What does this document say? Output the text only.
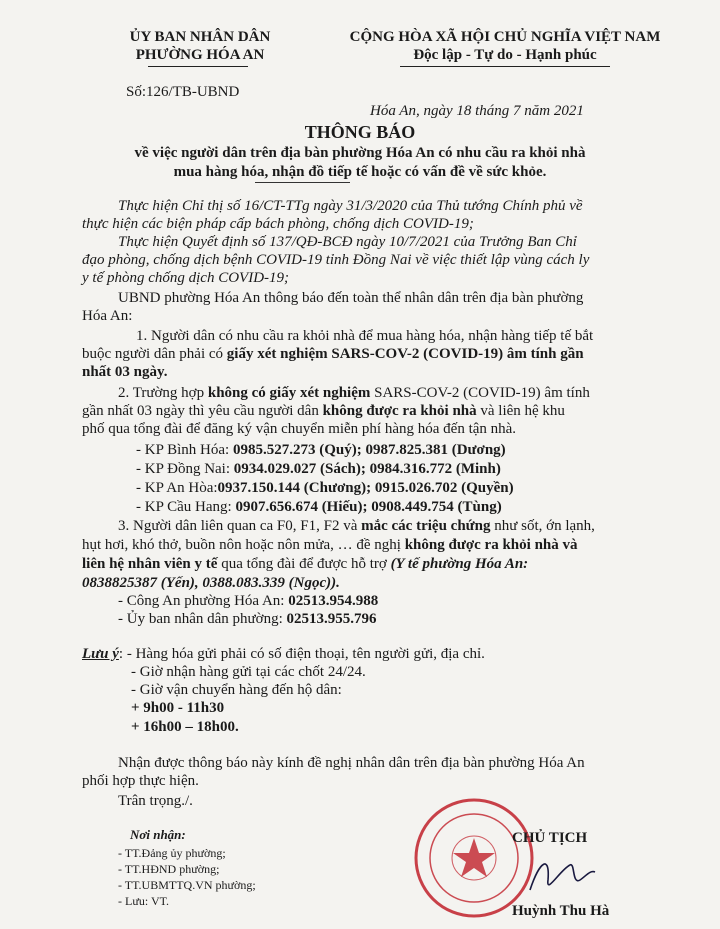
ỦY BAN NHÂN DÂN
PHƯỜNG HÓA AN
CỘNG HÒA XÃ HỘI CHỦ NGHĨA VIỆT NAM
Độc lập - Tự do - Hạnh phúc
Số:126/TB-UBND
Hóa An, ngày 18 tháng 7 năm 2021
THÔNG BÁO
về việc người dân trên địa bàn phường Hóa An có nhu cầu ra khỏi nhà
mua hàng hóa, nhận đồ tiếp tế hoặc có vấn đề về sức khỏe.
Thực hiện Chỉ thị số 16/CT-TTg ngày 31/3/2020 của Thủ tướng Chính phủ về
thực hiện các biện pháp cấp bách phòng, chống dịch COVID-19;
Thực hiện Quyết định số 137/QĐ-BCĐ ngày 10/7/2021 của Trưởng Ban Chỉ
đạo phòng, chống dịch bệnh COVID-19 tỉnh Đồng Nai về việc thiết lập vùng cách ly
y tế phòng chống dịch COVID-19;
UBND phường Hóa An thông báo đến toàn thể nhân dân trên địa bàn phường
Hóa An:
1. Người dân có nhu cầu ra khỏi nhà để mua hàng hóa, nhận hàng tiếp tế bắt
buộc người dân phải có giấy xét nghiệm SARS-COV-2 (COVID-19) âm tính gần
nhất 03 ngày.
2. Trường hợp không có giấy xét nghiệm SARS-COV-2 (COVID-19) âm tính
gần nhất 03 ngày thì yêu cầu người dân không được ra khỏi nhà và liên hệ khu
phố qua tổng đài để đăng ký vận chuyển miễn phí hàng hóa đến tận nhà.
- KP Bình Hóa: 0985.527.273 (Quý); 0987.825.381 (Dương)
- KP Đồng Nai: 0934.029.027 (Sách); 0984.316.772 (Minh)
- KP An Hòa:0937.150.144 (Chương); 0915.026.702 (Quyền)
- KP Cầu Hang: 0907.656.674 (Hiếu); 0908.449.754 (Tùng)
3. Người dân liên quan ca F0, F1, F2 và mắc các triệu chứng như sốt, ớn lạnh,
hụt hơi, khó thở, buồn nôn hoặc nôn mửa, … đề nghị không được ra khỏi nhà và
liên hệ nhân viên y tế qua tổng đài để được hỗ trợ (Y tế phường Hóa An:
0838825387 (Yến), 0388.083.339 (Ngọc)).
- Công An phường Hóa An: 02513.954.988
- Ủy ban nhân dân phường: 02513.955.796
Lưu ý: - Hàng hóa gửi phải có số điện thoại, tên người gửi, địa chỉ.
- Giờ nhận hàng gửi tại các chốt 24/24.
- Giờ vận chuyển hàng đến hộ dân:
+ 9h00 - 11h30
+ 16h00 – 18h00.
Nhận được thông báo này kính đề nghị nhân dân trên địa bàn phường Hóa An
phối hợp thực hiện.
Trân trọng./.
Nơi nhận:
- TT.Đảng ủy phường;
- TT.HĐND phường;
- TT.UBMTTQ.VN phường;
- Lưu: VT.
CHỦ TỊCH
Huỳnh Thu Hà
